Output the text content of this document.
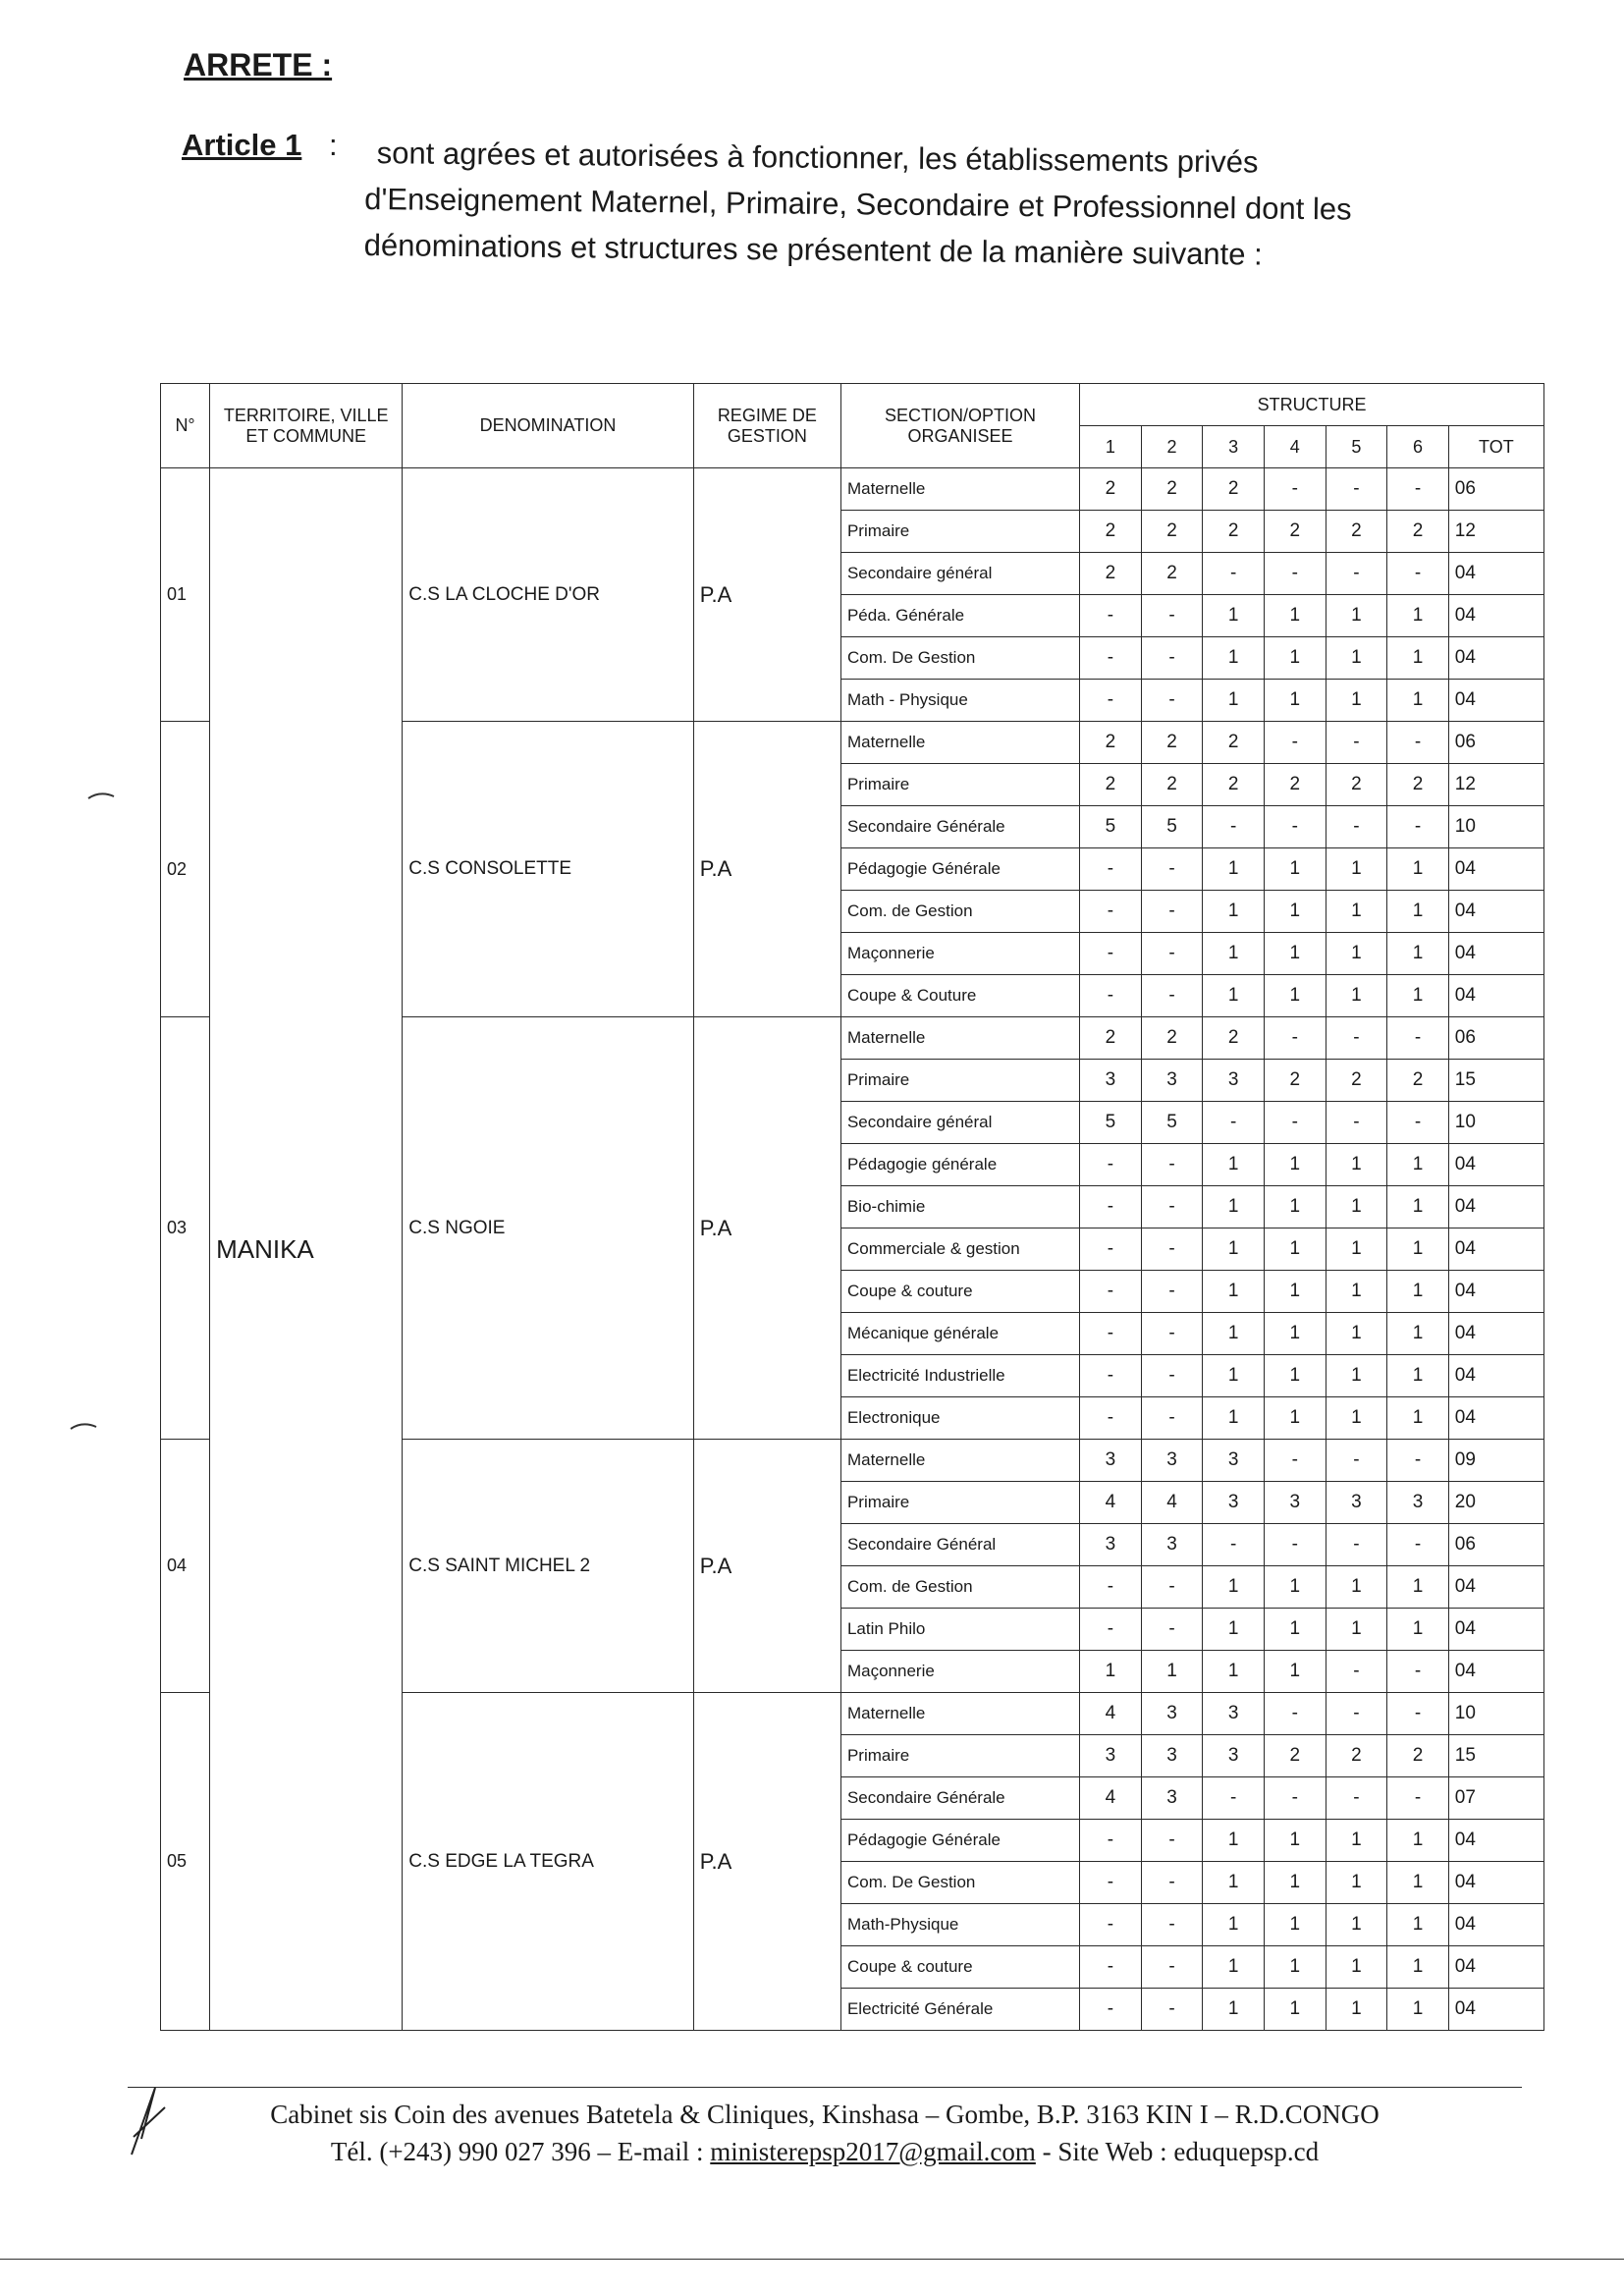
ARRETE :
Article 1 :	sont agrées et autorisées à fonctionner, les établissements privés
d'Enseignement Maternel, Primaire, Secondaire et Professionnel dont les
dénominations et structures se présentent de la manière suivante :
N°	TERRITOIRE, VILLE ET COMMUNE	DENOMINATION	REGIME DE GESTION	SECTION/OPTION ORGANISEE	STRUCTURE						
					1	2	3	4	5	6	TOT
01	MANIKA	C.S LA CLOCHE D'OR	P.A	Maternelle	2	2	2	-	-	-	06
				Primaire	2	2	2	2	2	2	12
				Secondaire général	2	2	-	-	-	-	04
				Péda. Générale	-	-	1	1	1	1	04
				Com. De Gestion	-	-	1	1	1	1	04
				Math - Physique	-	-	1	1	1	1	04
02		C.S CONSOLETTE	P.A	Maternelle	2	2	2	-	-	-	06
				Primaire	2	2	2	2	2	2	12
				Secondaire Générale	5	5	-	-	-	-	10
				Pédagogie Générale	-	-	1	1	1	1	04
				Com. de Gestion	-	-	1	1	1	1	04
				Maçonnerie	-	-	1	1	1	1	04
				Coupe & Couture	-	-	1	1	1	1	04
03		C.S NGOIE	P.A	Maternelle	2	2	2	-	-	-	06
				Primaire	3	3	3	2	2	2	15
				Secondaire général	5	5	-	-	-	-	10
				Pédagogie générale	-	-	1	1	1	1	04
				Bio-chimie	-	-	1	1	1	1	04
				Commerciale & gestion	-	-	1	1	1	1	04
				Coupe & couture	-	-	1	1	1	1	04
				Mécanique générale	-	-	1	1	1	1	04
				Electricité Industrielle	-	-	1	1	1	1	04
				Electronique	-	-	1	1	1	1	04
04		C.S SAINT MICHEL 2	P.A	Maternelle	3	3	3	-	-	-	09
				Primaire	4	4	3	3	3	3	20
				Secondaire Général	3	3	-	-	-	-	06
				Com. de Gestion	-	-	1	1	1	1	04
				Latin Philo	-	-	1	1	1	1	04
				Maçonnerie	1	1	1	1	-	-	04
05		C.S EDGE LA TEGRA	P.A	Maternelle	4	3	3	-	-	-	10
				Primaire	3	3	3	2	2	2	15
				Secondaire Générale	4	3	-	-	-	-	07
				Pédagogie Générale	-	-	1	1	1	1	04
				Com. De Gestion	-	-	1	1	1	1	04
				Math-Physique	-	-	1	1	1	1	04
				Coupe & couture	-	-	1	1	1	1	04
				Electricité Générale	-	-	1	1	1	1	04
Cabinet sis Coin des avenues Batetela & Cliniques, Kinshasa – Gombe, B.P. 3163 KIN I – R.D.CONGO
Tél. (+243) 990 027 396 – E-mail : ministerepsp2017@gmail.com - Site Web : eduquepsp.cd
